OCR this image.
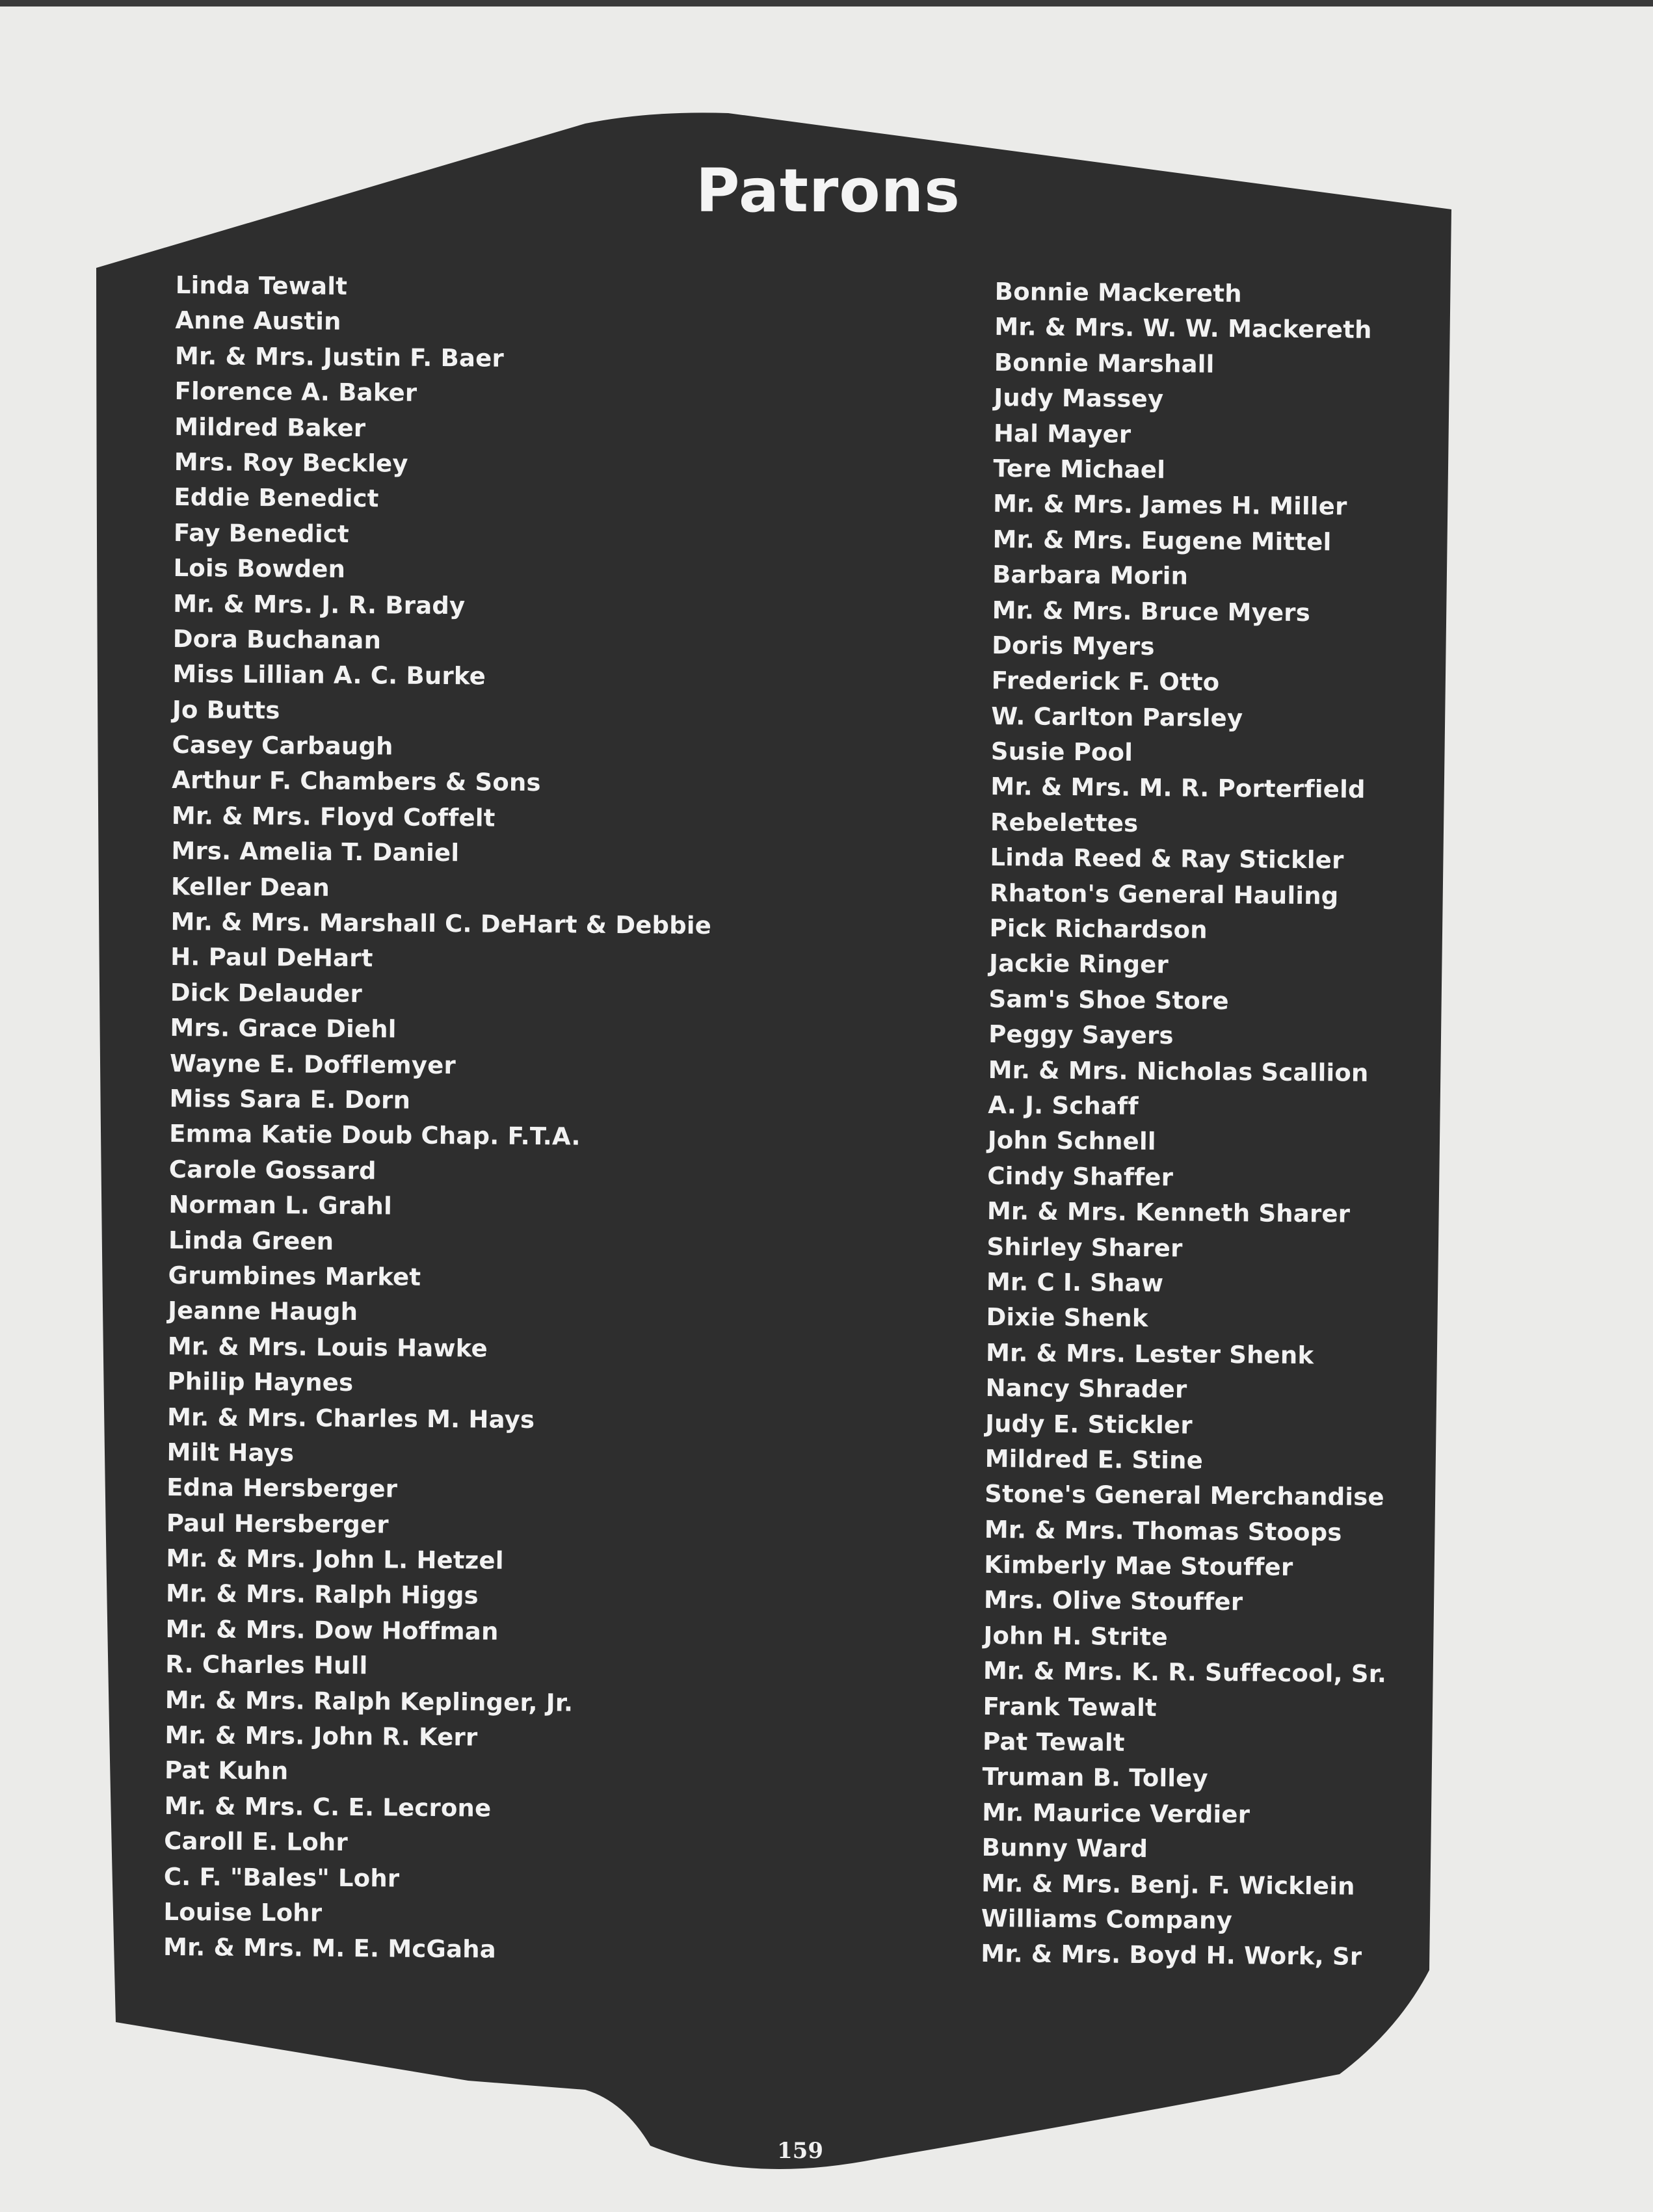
Patrons
Linda Tewalt
Anne Austin
Mr. & Mrs. Justin F. Baer
Florence A. Baker
Mildred Baker
Mrs. Roy Beckley
Eddie Benedict
Fay Benedict
Lois Bowden
Mr. & Mrs. J. R. Brady
Dora Buchanan
Miss Lillian A. C. Burke
Jo Butts
Casey Carbaugh
Arthur F. Chambers & Sons
Mr. & Mrs. Floyd Coffelt
Mrs. Amelia T. Daniel
Keller Dean
Mr. & Mrs. Marshall C. DeHart & Debbie
H. Paul DeHart
Dick Delauder
Mrs. Grace Diehl
Wayne E. Dofflemyer
Miss Sara E. Dorn
Emma Katie Doub Chap. F.T.A.
Carole Gossard
Norman L. Grahl
Linda Green
Grumbines Market
Jeanne Haugh
Mr. & Mrs. Louis Hawke
Philip Haynes
Mr. & Mrs. Charles M. Hays
Milt Hays
Edna Hersberger
Paul Hersberger
Mr. & Mrs. John L. Hetzel
Mr. & Mrs. Ralph Higgs
Mr. & Mrs. Dow Hoffman
R. Charles Hull
Mr. & Mrs. Ralph Keplinger, Jr.
Mr. & Mrs. John R. Kerr
Pat Kuhn
Mr. & Mrs. C. E. Lecrone
Caroll E. Lohr
C. F. "Bales" Lohr
Louise Lohr
Mr. & Mrs. M. E. McGaha
Bonnie Mackereth
Mr. & Mrs. W. W. Mackereth
Bonnie Marshall
Judy Massey
Hal Mayer
Tere Michael
Mr. & Mrs. James H. Miller
Mr. & Mrs. Eugene Mittel
Barbara Morin
Mr. & Mrs. Bruce Myers
Doris Myers
Frederick F. Otto
W. Carlton Parsley
Susie Pool
Mr. & Mrs. M. R. Porterfield
Rebelettes
Linda Reed & Ray Stickler
Rhaton's General Hauling
Pick Richardson
Jackie Ringer
Sam's Shoe Store
Peggy Sayers
Mr. & Mrs. Nicholas Scallion
A. J. Schaff
John Schnell
Cindy Shaffer
Mr. & Mrs. Kenneth Sharer
Shirley Sharer
Mr. C I. Shaw
Dixie Shenk
Mr. & Mrs. Lester Shenk
Nancy Shrader
Judy E. Stickler
Mildred E. Stine
Stone's General Merchandise
Mr. & Mrs. Thomas Stoops
Kimberly Mae Stouffer
Mrs. Olive Stouffer
John H. Strite
Mr. & Mrs. K. R. Suffecool, Sr.
Frank Tewalt
Pat Tewalt
Truman B. Tolley
Mr. Maurice Verdier
Bunny Ward
Mr. & Mrs. Benj. F. Wicklein
Williams Company
Mr. & Mrs. Boyd H. Work, Sr
159
